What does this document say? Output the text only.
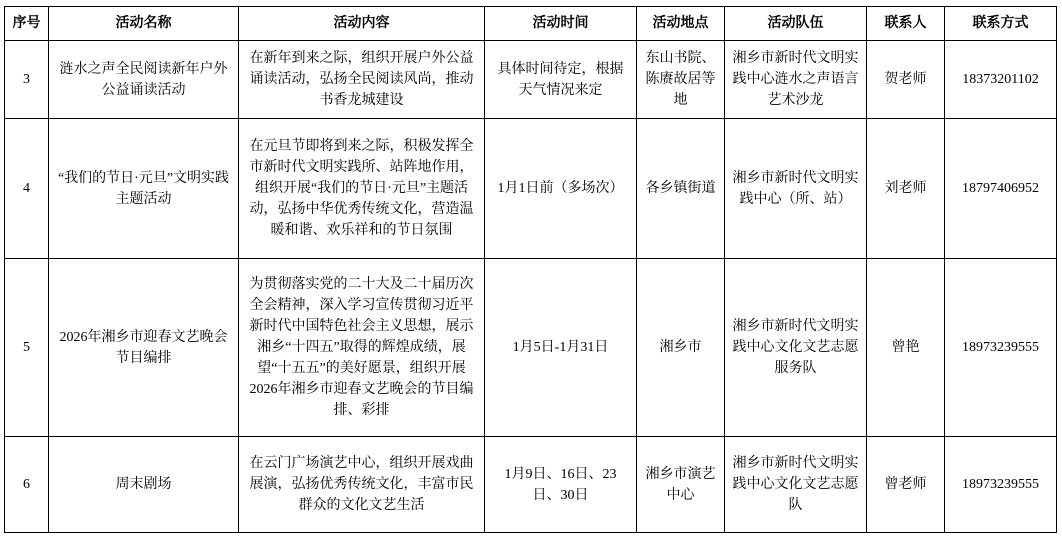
序号	活动名称	活动内容	活动时间	活动地点	活动队伍	联系人	联系方式
3	涟水之声全民阅读新年户外公益诵读活动	在新年到来之际，组织开展户外公益诵读活动，弘扬全民阅读风尚，推动书香龙城建设	具体时间待定，根据天气情况来定	东山书院、陈赓故居等地	湘乡市新时代文明实践中心涟水之声语言艺术沙龙	贺老师	18373201102
4	“我们的节日·元旦”文明实践主题活动	在元旦节即将到来之际，积极发挥全市新时代文明实践所、站阵地作用，组织开展“我们的节日·元旦”主题活动，弘扬中华优秀传统文化，营造温暖和谐、欢乐祥和的节日氛围	1月1日前（多场次）	各乡镇街道	湘乡市新时代文明实践中心（所、站）	刘老师	18797406952
5	2026年湘乡市迎春文艺晚会节目编排	为贯彻落实党的二十大及二十届历次全会精神，深入学习宣传贯彻习近平新时代中国特色社会主义思想，展示湘乡“十四五”取得的辉煌成绩，展望“十五五”的美好愿景，组织开展2026年湘乡市迎春文艺晚会的节目编排、彩排	1月5日-1月31日	湘乡市	湘乡市新时代文明实践中心文化文艺志愿服务队	曾艳	18973239555
6	周末剧场	在云门广场演艺中心，组织开展戏曲展演，弘扬优秀传统文化，丰富市民群众的文化文艺生活	1月9日、16日、23日、30日	湘乡市演艺中心	湘乡市新时代文明实践中心文化文艺志愿队	曾老师	18973239555
